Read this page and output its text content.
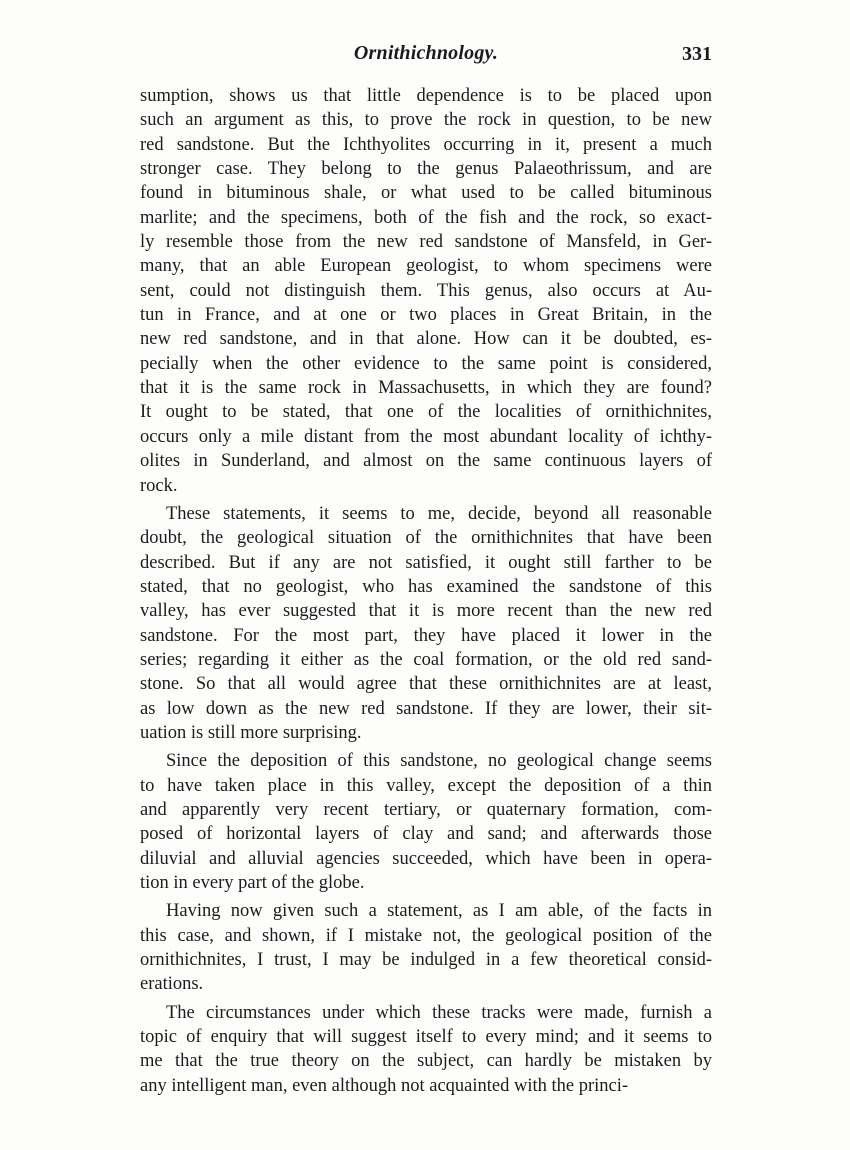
Ornithichnology.	331
sumption, shows us that little dependence is to be placed upon
such an argument as this, to prove the rock in question, to be new
red sandstone. But the Ichthyolites occurring in it, present a much
stronger case. They belong to the genus Palaeothrissum, and are
found in bituminous shale, or what used to be called bituminous
marlite; and the specimens, both of the fish and the rock, so exact-
ly resemble those from the new red sandstone of Mansfeld, in Ger-
many, that an able European geologist, to whom specimens were
sent, could not distinguish them. This genus, also occurs at Au-
tun in France, and at one or two places in Great Britain, in the
new red sandstone, and in that alone. How can it be doubted, es-
pecially when the other evidence to the same point is considered,
that it is the same rock in Massachusetts, in which they are found?
It ought to be stated, that one of the localities of ornithichnites,
occurs only a mile distant from the most abundant locality of ichthy-
olites in Sunderland, and almost on the same continuous layers of
rock.
These statements, it seems to me, decide, beyond all reasonable
doubt, the geological situation of the ornithichnites that have been
described. But if any are not satisfied, it ought still farther to be
stated, that no geologist, who has examined the sandstone of this
valley, has ever suggested that it is more recent than the new red
sandstone. For the most part, they have placed it lower in the
series; regarding it either as the coal formation, or the old red sand-
stone. So that all would agree that these ornithichnites are at least,
as low down as the new red sandstone. If they are lower, their sit-
uation is still more surprising.
Since the deposition of this sandstone, no geological change seems
to have taken place in this valley, except the deposition of a thin
and apparently very recent tertiary, or quaternary formation, com-
posed of horizontal layers of clay and sand; and afterwards those
diluvial and alluvial agencies succeeded, which have been in opera-
tion in every part of the globe.
Having now given such a statement, as I am able, of the facts in
this case, and shown, if I mistake not, the geological position of the
ornithichnites, I trust, I may be indulged in a few theoretical consid-
erations.
The circumstances under which these tracks were made, furnish a
topic of enquiry that will suggest itself to every mind; and it seems to
me that the true theory on the subject, can hardly be mistaken by
any intelligent man, even although not acquainted with the princi-
